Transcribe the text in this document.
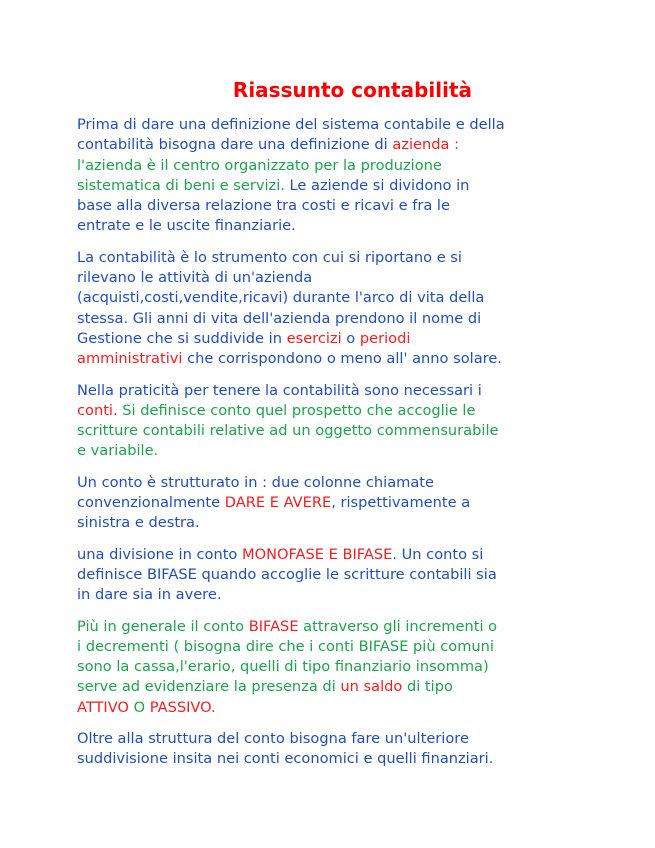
Riassunto contabilità

Prima di dare una definizione del sistema contabile e della
contabilità bisogna dare una definizione di azienda :
l'azienda è il centro organizzato per la produzione
sistematica di beni e servizi. Le aziende si dividono in
base alla diversa relazione tra costi e ricavi e fra le
entrate e le uscite finanziarie.

La contabilità è lo strumento con cui si riportano e si
rilevano le attività di un'azienda
(acquisti,costi,vendite,ricavi) durante l'arco di vita della
stessa. Gli anni di vita dell'azienda prendono il nome di
Gestione che si suddivide in esercizi o periodi
amministrativi che corrispondono o meno all' anno solare.

Nella praticità per tenere la contabilità sono necessari i
conti. Si definisce conto quel prospetto che accoglie le
scritture contabili relative ad un oggetto commensurabile
e variabile.

Un conto è strutturato in : due colonne chiamate
convenzionalmente DARE E AVERE, rispettivamente a
sinistra e destra.

una divisione in conto MONOFASE E BIFASE. Un conto si
definisce BIFASE quando accoglie le scritture contabili sia
in dare sia in avere.

Più in generale il conto BIFASE attraverso gli incrementi o
i decrementi ( bisogna dire che i conti BIFASE più comuni
sono la cassa,l'erario, quelli di tipo finanziario insomma)
serve ad evidenziare la presenza di un saldo di tipo
ATTIVO O PASSIVO.

Oltre alla struttura del conto bisogna fare un'ulteriore
suddivisione insita nei conti economici e quelli finanziari.
